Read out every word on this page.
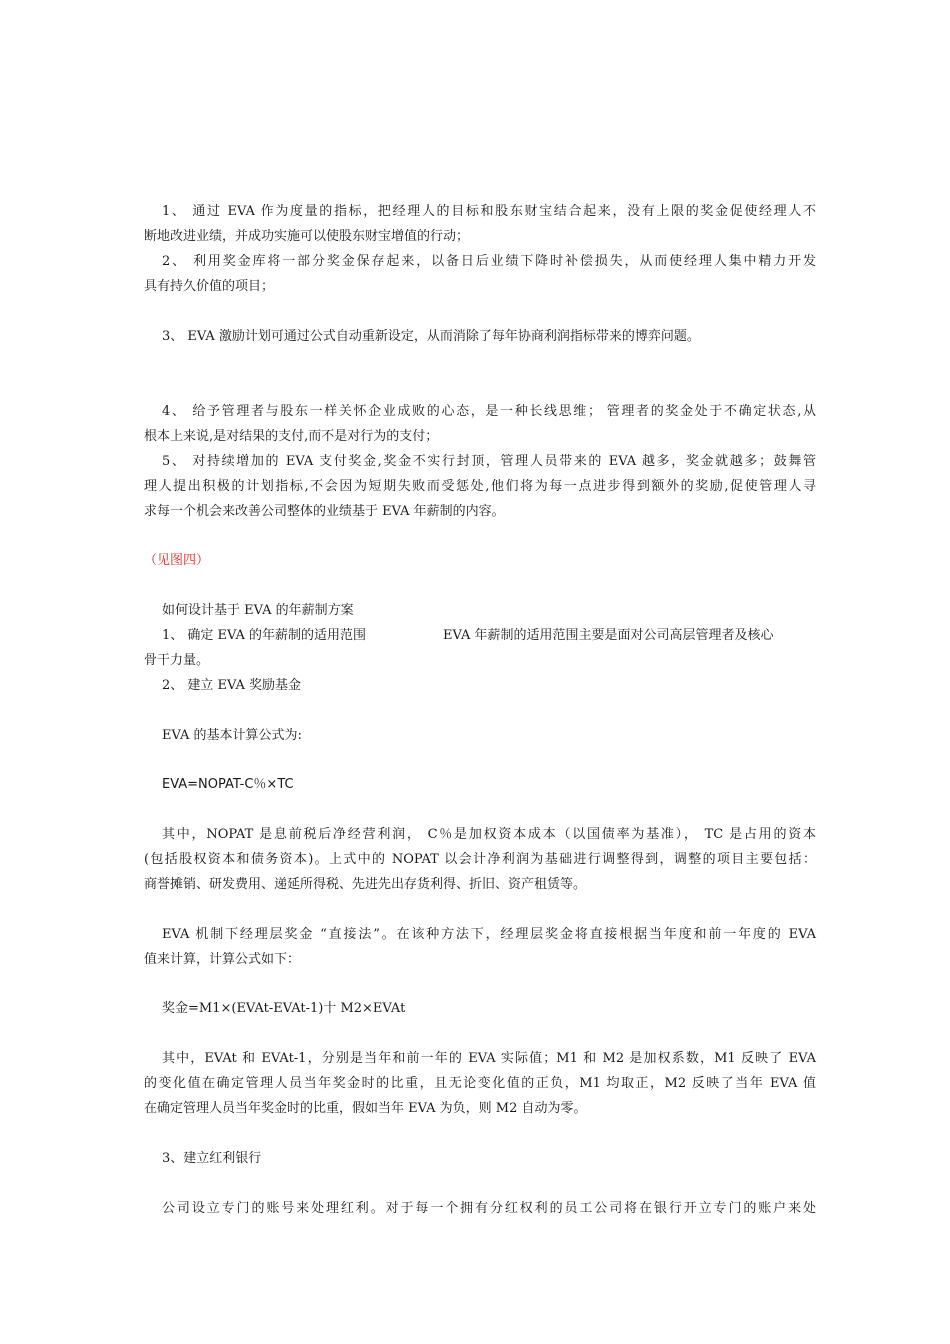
1、 通过 EVA 作为度量的指标，把经理人的目标和股东财宝结合起来，没有上限的奖金促使经理人不
断地改进业绩，并成功实施可以使股东财宝增值的行动；
2、 利用奖金库将一部分奖金保存起来，以备日后业绩下降时补偿损失，从而使经理人集中精力开发
具有持久价值的项目；
3、 EVA 激励计划可通过公式自动重新设定，从而消除了每年协商利润指标带来的博弈问题。
4、 给予管理者与股东一样关怀企业成败的心态，是一种长线思维； 管理者的奖金处于不确定状态,从
根本上来说,是对结果的支付,而不是对行为的支付；
5、 对持续增加的 EVA 支付奖金,奖金不实行封顶，管理人员带来的 EVA 越多，奖金就越多；鼓舞管
理人提出积极的计划指标,不会因为短期失败而受惩处,他们将为每一点进步得到额外的奖励,促使管理人寻
求每一个机会来改善公司整体的业绩基于 EVA 年薪制的内容。
（见图四）
如何设计基于 EVA 的年薪制方案
1、 确定 EVA 的年薪制的适用范围	EVA 年薪制的适用范围主要是面对公司高层管理者及核心
骨干力量。
2、 建立 EVA 奖励基金
EVA 的基本计算公式为:
EVA=NOPAT-C％×TC
其中，NOPAT 是息前税后净经营利润， C％是加权资本成本（以国债率为基准）， TC 是占用的资本
(包括股权资本和债务资本)。上式中的 NOPAT 以会计净利润为基础进行调整得到，调整的项目主要包括：
商誉摊销、研发费用、递延所得税、先进先出存货利得、折旧、资产租赁等。
EVA 机制下经理层奖金 “直接法”。在该种方法下，经理层奖金将直接根据当年度和前一年度的 EVA
值来计算，计算公式如下：
奖金=M1×(EVAt-EVAt-1)十 M2×EVAt
其中，EVAt 和 EVAt-1，分别是当年和前一年的 EVA 实际值；M1 和 M2 是加权系数，M1 反映了 EVA
的变化值在确定管理人员当年奖金时的比重，且无论变化值的正负，M1 均取正，M2 反映了当年 EVA 值
在确定管理人员当年奖金时的比重，假如当年 EVA 为负，则 M2 自动为零。
3、建立红利银行
公司设立专门的账号来处理红利。对于每一个拥有分红权利的员工公司将在银行开立专门的账户来处
